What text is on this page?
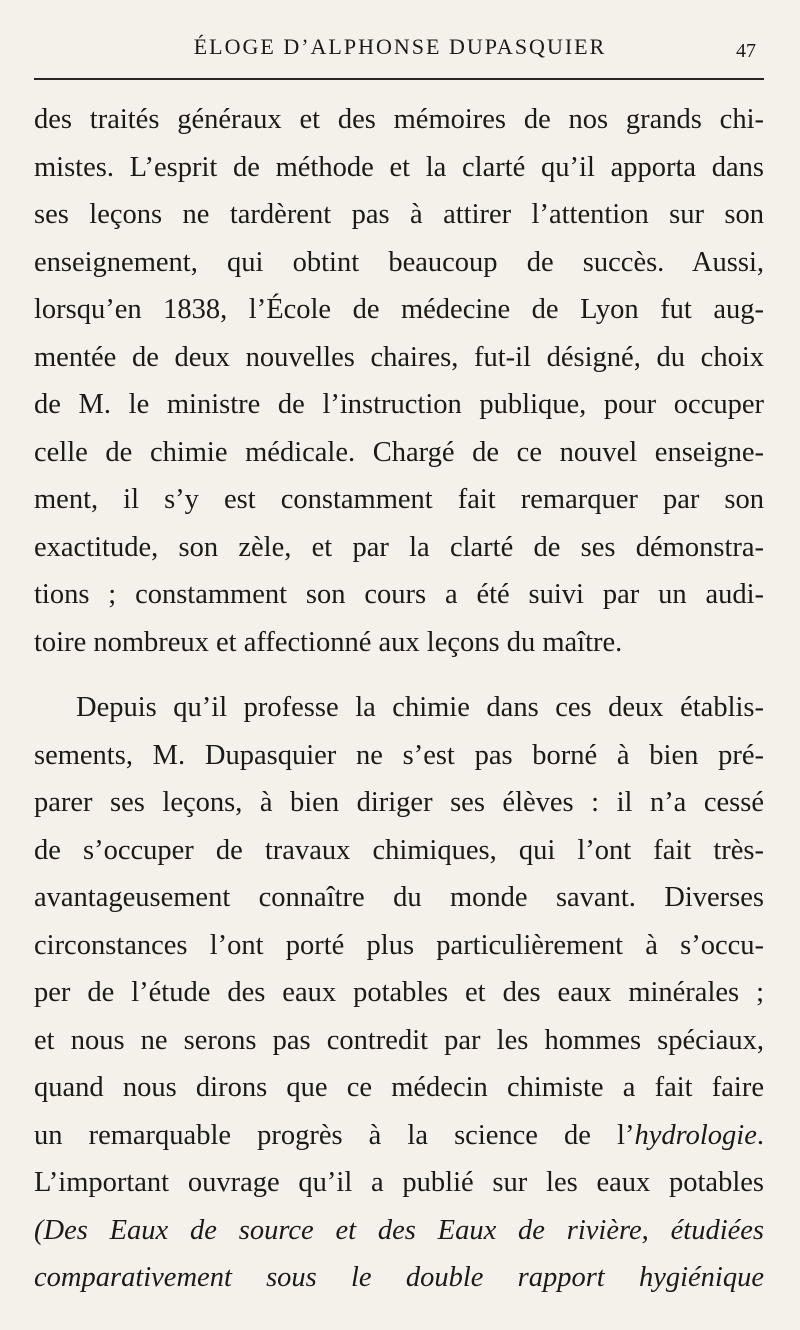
ÉLOGE D’ALPHONSE DUPASQUIER	47
des traités généraux et des mémoires de nos grands chi-
mistes. L’esprit de méthode et la clarté qu’il apporta dans
ses leçons ne tardèrent pas à attirer l’attention sur son
enseignement, qui obtint beaucoup de succès. Aussi,
lorsqu’en 1838, l’École de médecine de Lyon fut aug-
mentée de deux nouvelles chaires, fut-il désigné, du choix
de M. le ministre de l’instruction publique, pour occuper
celle de chimie médicale. Chargé de ce nouvel enseigne-
ment, il s’y est constamment fait remarquer par son
exactitude, son zèle, et par la clarté de ses démonstra-
tions ; constamment son cours a été suivi par un audi-
toire nombreux et affectionné aux leçons du maître.
Depuis qu’il professe la chimie dans ces deux établis-
sements, M. Dupasquier ne s’est pas borné à bien pré-
parer ses leçons, à bien diriger ses élèves : il n’a cessé
de s’occuper de travaux chimiques, qui l’ont fait très-
avantageusement connaître du monde savant. Diverses
circonstances l’ont porté plus particulièrement à s’occu-
per de l’étude des eaux potables et des eaux minérales ;
et nous ne serons pas contredit par les hommes spéciaux,
quand nous dirons que ce médecin chimiste a fait faire
un remarquable progrès à la science de l’hydrologie.
L’important ouvrage qu’il a publié sur les eaux potables
(Des Eaux de source et des Eaux de rivière, étudiées
comparativement sous le double rapport hygiénique
